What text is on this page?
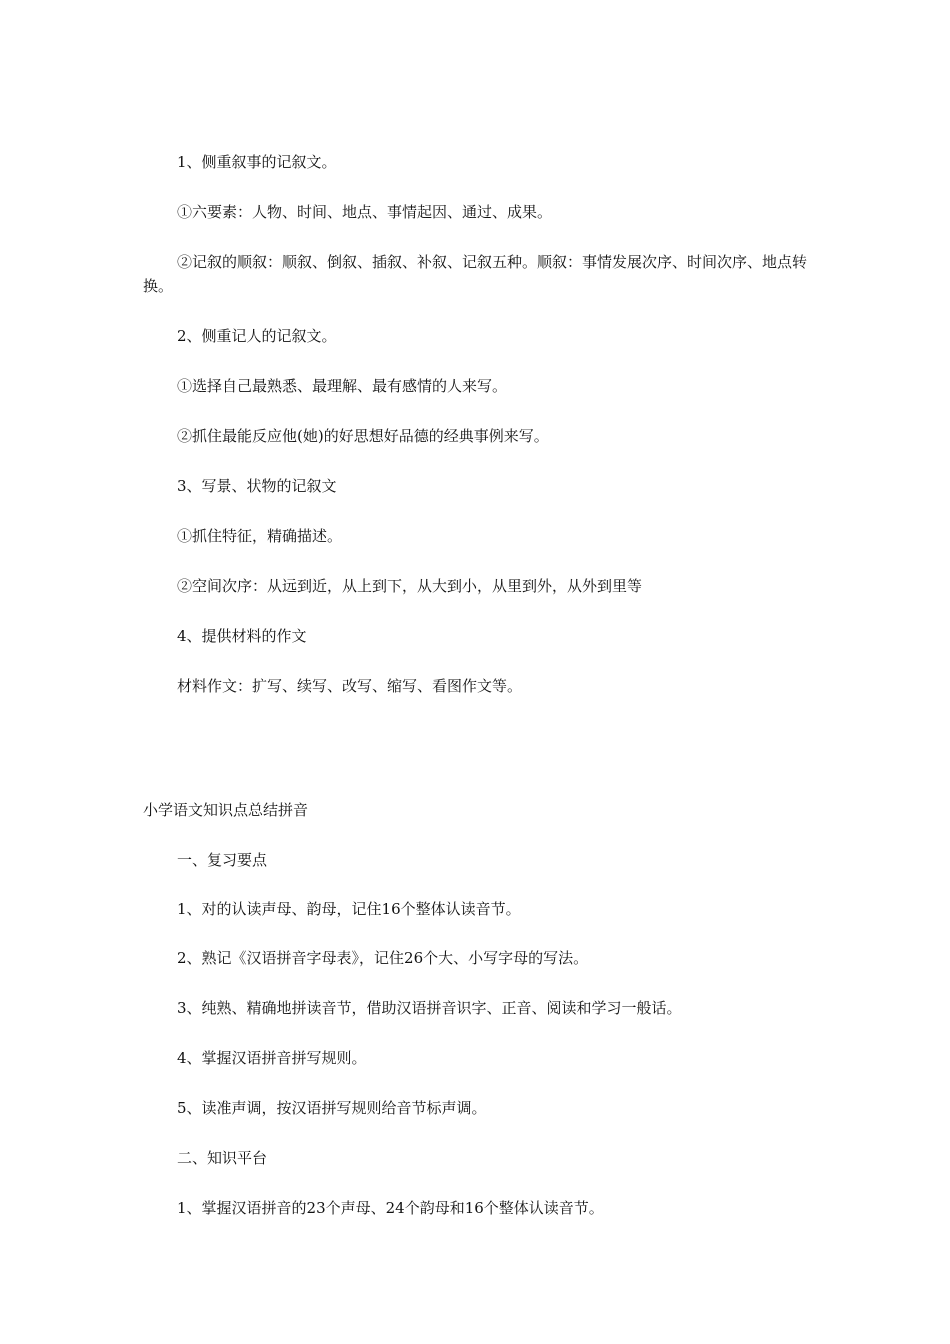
1、侧重叙事的记叙文。
①六要素：人物、时间、地点、事情起因、通过、成果。
②记叙的顺叙：顺叙、倒叙、插叙、补叙、记叙五种。顺叙：事情发展次序、时间次序、地点转换。
2、侧重记人的记叙文。
①选择自己最熟悉、最理解、最有感情的人来写。
②抓住最能反应他(她)的好思想好品德的经典事例来写。
3、写景、状物的记叙文
①抓住特征，精确描述。
②空间次序：从远到近，从上到下，从大到小，从里到外，从外到里等
4、提供材料的作文
材料作文：扩写、续写、改写、缩写、看图作文等。
小学语文知识点总结拼音
一、复习要点
1、对的认读声母、韵母，记住16个整体认读音节。
2、熟记《汉语拼音字母表》，记住26个大、小写字母的写法。
3、纯熟、精确地拼读音节，借助汉语拼音识字、正音、阅读和学习一般话。
4、掌握汉语拼音拼写规则。
5、读准声调，按汉语拼写规则给音节标声调。
二、知识平台
1、掌握汉语拼音的23个声母、24个韵母和16个整体认读音节。
